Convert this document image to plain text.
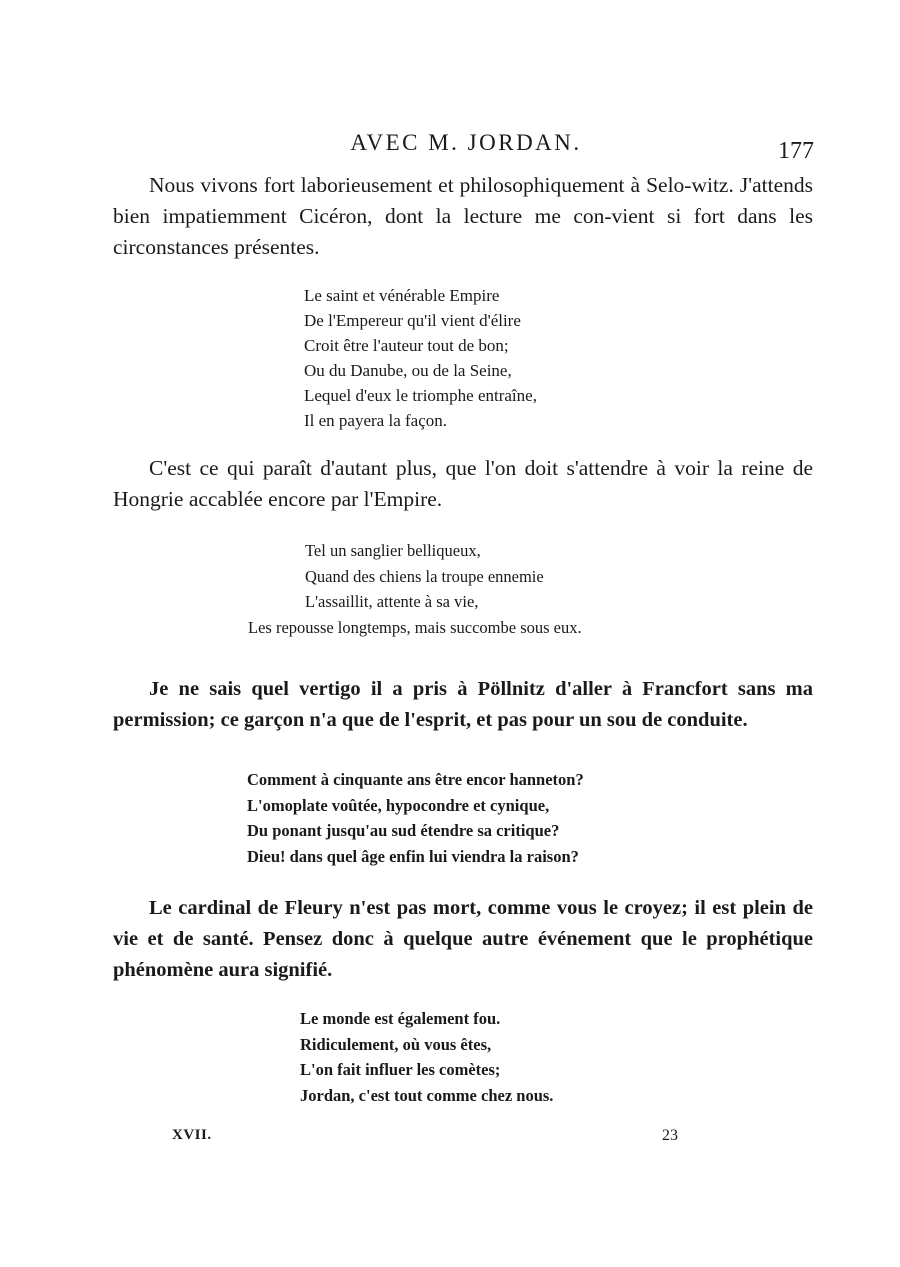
AVEC M. JORDAN.	177

Nous vivons fort laborieusement et philosophiquement à Selo-witz. J'attends bien impatiemment Cicéron, dont la lecture me con-vient si fort dans les circonstances présentes.

Le saint et vénérable Empire
De l'Empereur qu'il vient d'élire
Croit être l'auteur tout de bon;
Ou du Danube, ou de la Seine,
Lequel d'eux le triomphe entraîne,
Il en payera la façon.

C'est ce qui paraît d'autant plus, que l'on doit s'attendre à voir la reine de Hongrie accablée encore par l'Empire.

Tel un sanglier belliqueux,
Quand des chiens la troupe ennemie
L'assaillit, attente à sa vie,
Les repousse longtemps, mais succombe sous eux.

Je ne sais quel vertigo il a pris à Pöllnitz d'aller à Francfort sans ma permission; ce garçon n'a que de l'esprit, et pas pour un sou de conduite.

Comment à cinquante ans être encor hanneton?
L'omoplate voûtée, hypocondre et cynique,
Du ponant jusqu'au sud étendre sa critique?
Dieu! dans quel âge enfin lui viendra la raison?

Le cardinal de Fleury n'est pas mort, comme vous le croyez; il est plein de vie et de santé. Pensez donc à quelque autre événement que le prophétique phénomène aura signifié.

Le monde est également fou.
Ridiculement, où vous êtes,
L'on fait influer les comètes;
Jordan, c'est tout comme chez nous.
XVII.	23
